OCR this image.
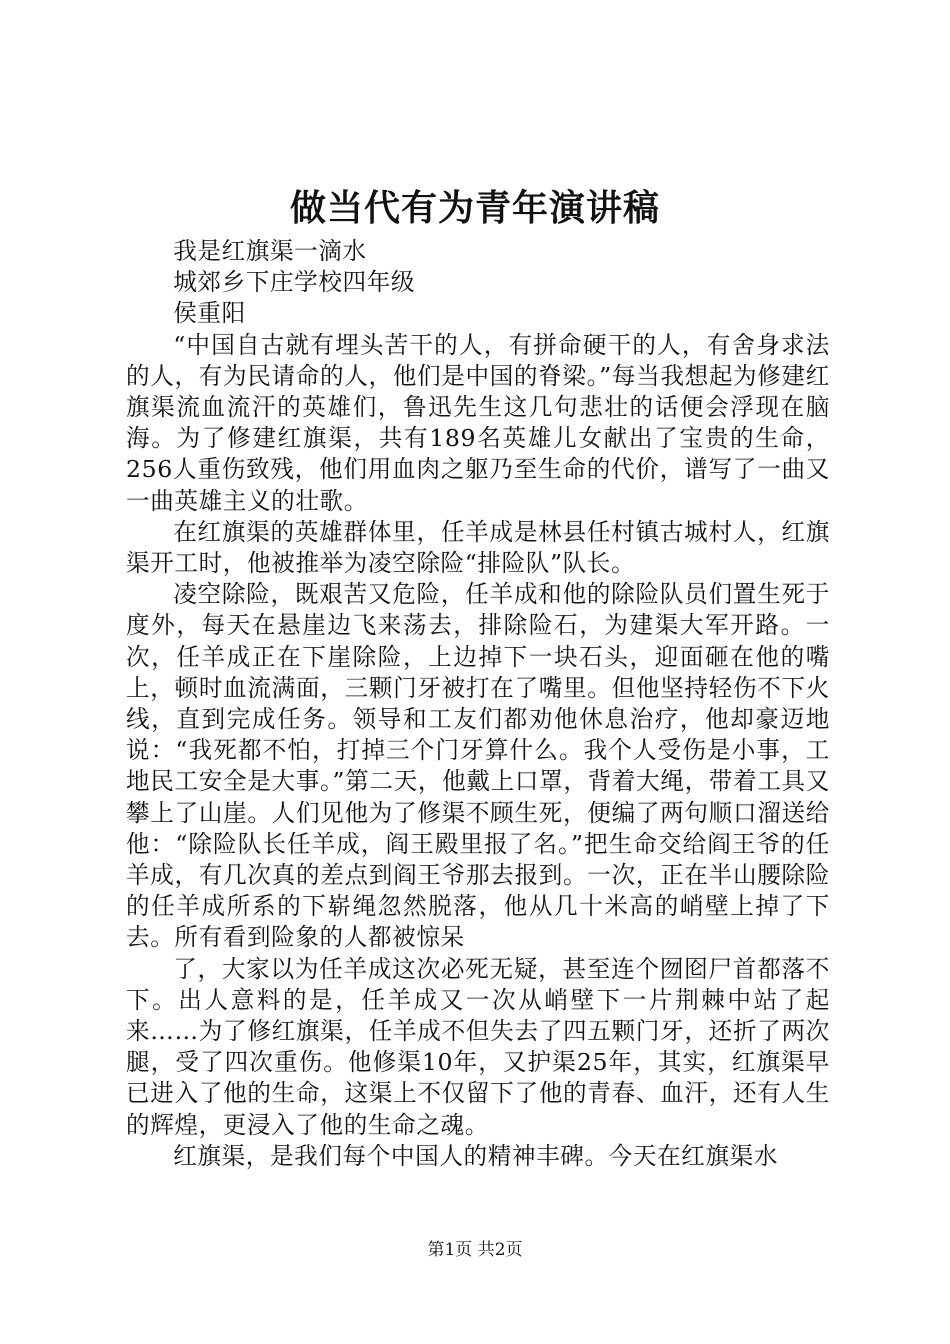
做当代有为青年演讲稿

我是红旗渠一滴水

城郊乡下庄学校四年级

侯重阳

“中国自古就有埋头苦干的人，有拼命硬干的人，有舍身求法的人，有为民请命的人，他们是中国的脊梁。”每当我想起为修建红旗渠流血流汗的英雄们，鲁迅先生这几句悲壮的话便会浮现在脑海。为了修建红旗渠，共有189名英雄儿女献出了宝贵的生命，256人重伤致残，他们用血肉之躯乃至生命的代价，谱写了一曲又一曲英雄主义的壮歌。

在红旗渠的英雄群体里，任羊成是林县任村镇古城村人，红旗渠开工时，他被推举为凌空除险“排险队”队长。

凌空除险，既艰苦又危险，任羊成和他的除险队员们置生死于度外，每天在悬崖边飞来荡去，排除险石，为建渠大军开路。一次，任羊成正在下崖除险，上边掉下一块石头，迎面砸在他的嘴上，顿时血流满面，三颗门牙被打在了嘴里。但他坚持轻伤不下火线，直到完成任务。领导和工友们都劝他休息治疗，他却豪迈地说：“我死都不怕，打掉三个门牙算什么。我个人受伤是小事，工地民工安全是大事。”第二天，他戴上口罩，背着大绳，带着工具又攀上了山崖。人们见他为了修渠不顾生死，便编了两句顺口溜送给他：“除险队长任羊成，阎王殿里报了名。”把生命交给阎王爷的任羊成，有几次真的差点到阎王爷那去报到。一次，正在半山腰除险的任羊成所系的下崭绳忽然脱落，他从几十米高的峭壁上掉了下去。所有看到险象的人都被惊呆

了，大家以为任羊成这次必死无疑，甚至连个囫囵尸首都落不下。出人意料的是，任羊成又一次从峭壁下一片荆棘中站了起来……为了修红旗渠，任羊成不但失去了四五颗门牙，还折了两次腿，受了四次重伤。他修渠10年，又护渠25年，其实，红旗渠早已进入了他的生命，这渠上不仅留下了他的青春、血汗，还有人生的辉煌，更浸入了他的生命之魂。

红旗渠，是我们每个中国人的精神丰碑。今天在红旗渠水

第1页 共2页
